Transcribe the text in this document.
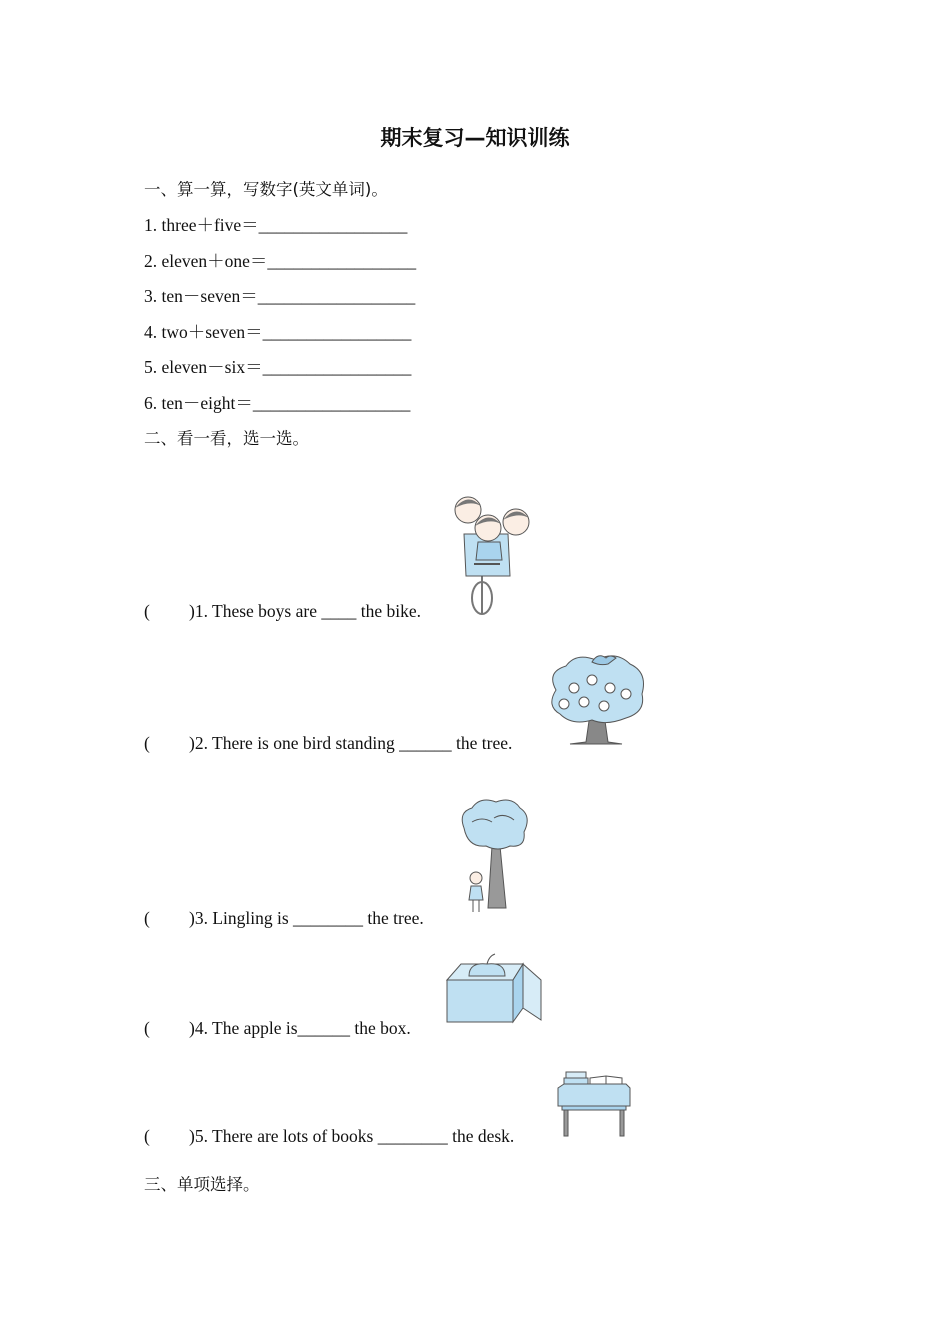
期末复习—知识训练
一、算一算，写数字(英文单词)。
1. three＋five＝_________________
2. eleven＋one＝_________________
3. ten－seven＝__________________
4. two＋seven＝_________________
5. eleven－six＝_________________
6. ten－eight＝__________________
二、看一看，选一选。
( )1. These boys are ____ the bike.
( )2. There is one bird standing ______ the tree.
( )3. Lingling is ________ the tree.
( )4. The apple is______ the box.
( )5. There are lots of books ________ the desk.
三、单项选择。
